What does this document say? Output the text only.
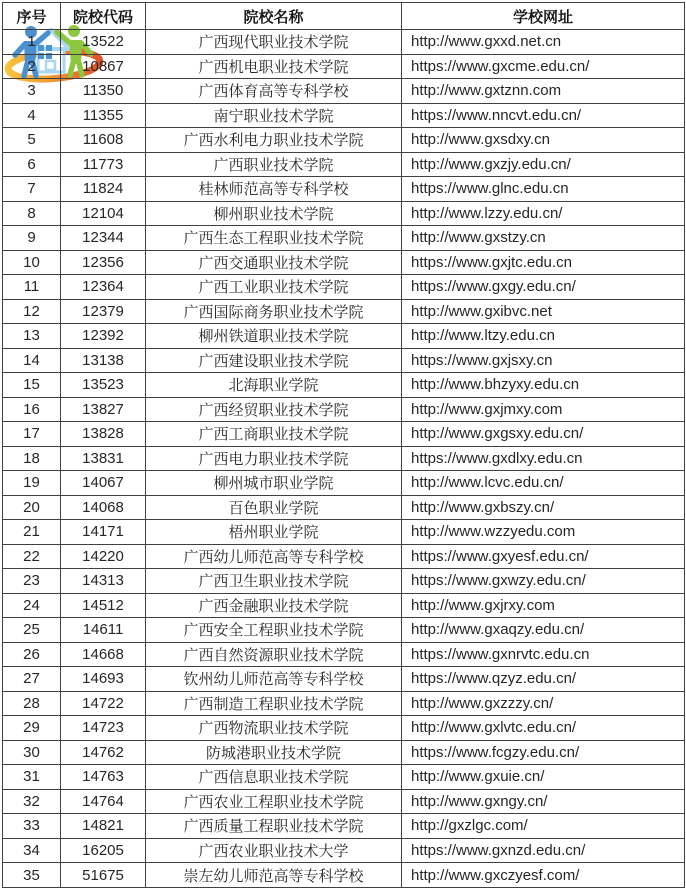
序号	院校代码	院校名称	学校网址
1	13522	广西现代职业技术学院	http://www.gxxd.net.cn
2	10867	广西机电职业技术学院	https://www.gxcme.edu.cn/
3	11350	广西体育高等专科学校	http://www.gxtznn.com
4	11355	南宁职业技术学院	https://www.nncvt.edu.cn/
5	11608	广西水利电力职业技术学院	http://www.gxsdxy.cn
6	11773	广西职业技术学院	http://www.gxzjy.edu.cn/
7	11824	桂林师范高等专科学校	https://www.glnc.edu.cn
8	12104	柳州职业技术学院	http://www.lzzy.edu.cn/
9	12344	广西生态工程职业技术学院	http://www.gxstzy.cn
10	12356	广西交通职业技术学院	https://www.gxjtc.edu.cn
11	12364	广西工业职业技术学院	https://www.gxgy.edu.cn/
12	12379	广西国际商务职业技术学院	http://www.gxibvc.net
13	12392	柳州铁道职业技术学院	http://www.ltzy.edu.cn
14	13138	广西建设职业技术学院	https://www.gxjsxy.cn
15	13523	北海职业学院	http://www.bhzyxy.edu.cn
16	13827	广西经贸职业技术学院	http://www.gxjmxy.com
17	13828	广西工商职业技术学院	http://www.gxgsxy.edu.cn/
18	13831	广西电力职业技术学院	https://www.gxdlxy.edu.cn
19	14067	柳州城市职业学院	http://www.lcvc.edu.cn/
20	14068	百色职业学院	http://www.gxbszy.cn/
21	14171	梧州职业学院	http://www.wzzyedu.com
22	14220	广西幼儿师范高等专科学校	https://www.gxyesf.edu.cn/
23	14313	广西卫生职业技术学院	https://www.gxwzy.edu.cn/
24	14512	广西金融职业技术学院	http://www.gxjrxy.com
25	14611	广西安全工程职业技术学院	http://www.gxaqzy.edu.cn/
26	14668	广西自然资源职业技术学院	https://www.gxnrvtc.edu.cn
27	14693	钦州幼儿师范高等专科学校	https://www.qzyz.edu.cn/
28	14722	广西制造工程职业技术学院	http://www.gxzzzy.cn/
29	14723	广西物流职业技术学院	http://www.gxlvtc.edu.cn/
30	14762	防城港职业技术学院	https://www.fcgzy.edu.cn/
31	14763	广西信息职业技术学院	http://www.gxuie.cn/
32	14764	广西农业工程职业技术学院	http://www.gxngy.cn/
33	14821	广西质量工程职业技术学院	http://gxzlgc.com/
34	16205	广西农业职业技术大学	https://www.gxnzd.edu.cn/
35	51675	崇左幼儿师范高等专科学校	http://www.gxczyesf.com/
